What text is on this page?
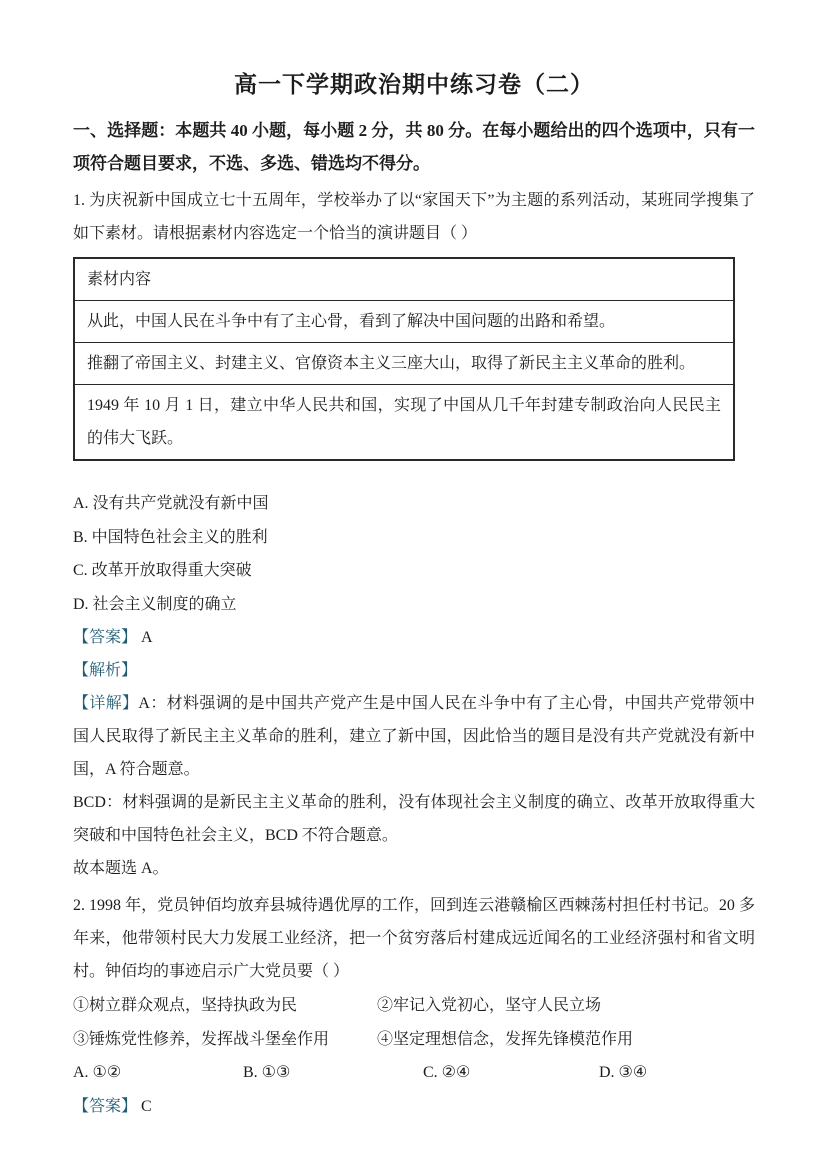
高一下学期政治期中练习卷（二）

一、选择题：本题共 40 小题，每小题 2 分，共 80 分。在每小题给出的四个选项中，只有一项符合题目要求，不选、多选、错选均不得分。

1. 为庆祝新中国成立七十五周年，学校举办了以“家国天下”为主题的系列活动，某班同学搜集了如下素材。请根据素材内容选定一个恰当的演讲题目（ ）

素材内容
从此，中国人民在斗争中有了主心骨，看到了解决中国问题的出路和希望。
推翻了帝国主义、封建主义、官僚资本主义三座大山，取得了新民主主义革命的胜利。
1949 年 10 月 1 日，建立中华人民共和国，实现了中国从几千年封建专制政治向人民民主的伟大飞跃。

A. 没有共产党就没有新中国

B. 中国特色社会主义的胜利

C. 改革开放取得重大突破

D. 社会主义制度的确立

【答案】 A

【解析】

【详解】A：材料强调的是中国共产党产生是中国人民在斗争中有了主心骨，中国共产党带领中国人民取得了新民主主义革命的胜利，建立了新中国，因此恰当的题目是没有共产党就没有新中国，A 符合题意。

BCD：材料强调的是新民主主义革命的胜利，没有体现社会主义制度的确立、改革开放取得重大突破和中国特色社会主义，BCD 不符合题意。

故本题选 A。

2. 1998 年，党员钟佰均放弃县城待遇优厚的工作，回到连云港赣榆区西棘荡村担任村书记。20 多年来，他带领村民大力发展工业经济，把一个贫穷落后村建成远近闻名的工业经济强村和省文明村。钟佰均的事迹启示广大党员要（ ）

①树立群众观点，坚持执政为民	②牢记入党初心，坚守人民立场
③锤炼党性修养，发挥战斗堡垒作用	④坚定理想信念，发挥先锋模范作用
A. ①②	B. ①③	C. ②④	D. ③④

【答案】 C
